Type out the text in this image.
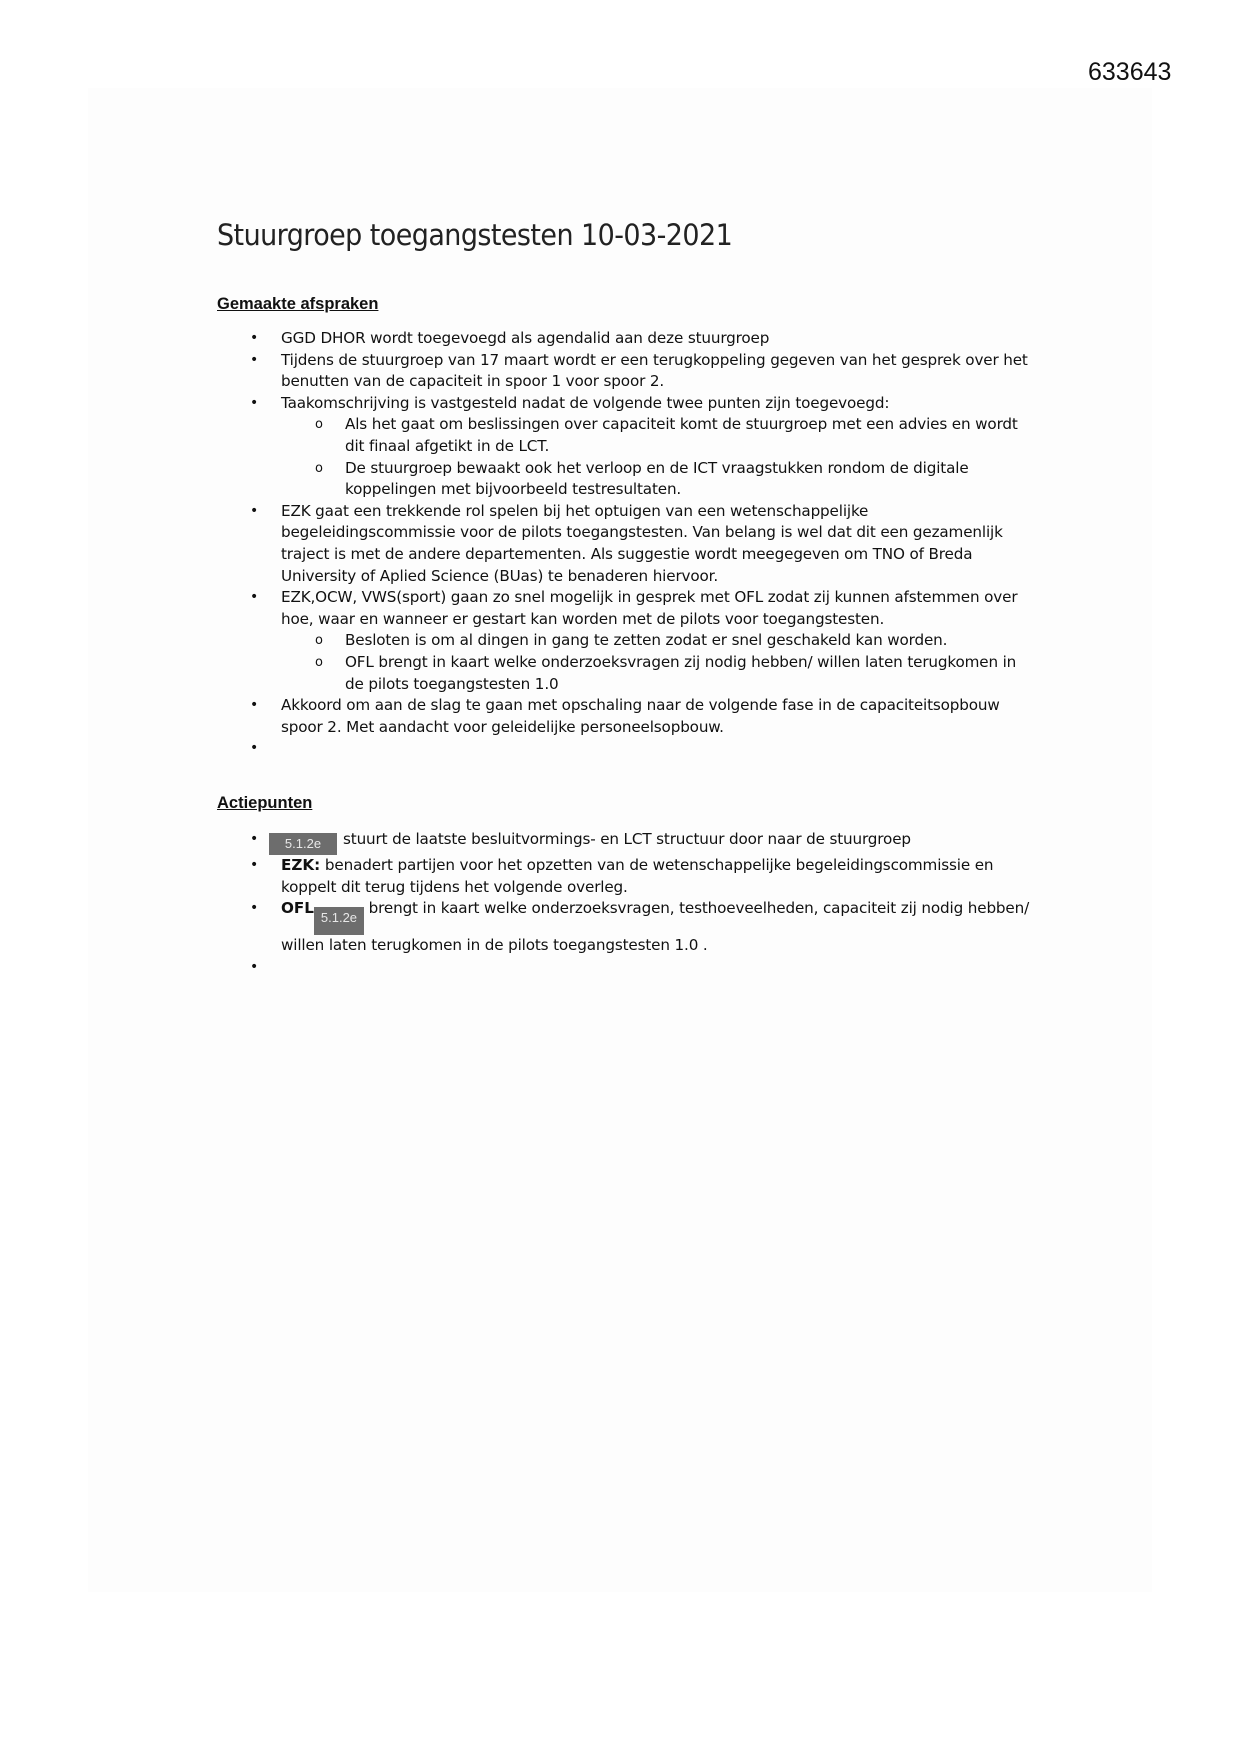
633643
Stuurgroep toegangstesten 10-03-2021
Gemaakte afspraken
• GGD DHOR wordt toegevoegd als agendalid aan deze stuurgroep
• Tijdens de stuurgroep van 17 maart wordt er een terugkoppeling gegeven van het gesprek over het benutten van de capaciteit in spoor 1 voor spoor 2.
• Taakomschrijving is vastgesteld nadat de volgende twee punten zijn toegevoegd:
o Als het gaat om beslissingen over capaciteit komt de stuurgroep met een advies en wordt dit finaal afgetikt in de LCT.
o De stuurgroep bewaakt ook het verloop en de ICT vraagstukken rondom de digitale koppelingen met bijvoorbeeld testresultaten.
• EZK gaat een trekkende rol spelen bij het optuigen van een wetenschappelijke begeleidingscommissie voor de pilots toegangstesten. Van belang is wel dat dit een gezamenlijk traject is met de andere departementen. Als suggestie wordt meegegeven om TNO of Breda University of Aplied Science (BUas) te benaderen hiervoor.
• EZK,OCW, VWS(sport) gaan zo snel mogelijk in gesprek met OFL zodat zij kunnen afstemmen over hoe, waar en wanneer er gestart kan worden met de pilots voor toegangstesten.
o Besloten is om al dingen in gang te zetten zodat er snel geschakeld kan worden.
o OFL brengt in kaart welke onderzoeksvragen zij nodig hebben/ willen laten terugkomen in de pilots toegangstesten 1.0
• Akkoord om aan de slag te gaan met opschaling naar de volgende fase in de capaciteitsopbouw spoor 2. Met aandacht voor geleidelijke personeelsopbouw.
•

Actiepunten
• 5.1.2e stuurt de laatste besluitvormings- en LCT structuur door naar de stuurgroep
• EZK: benadert partijen voor het opzetten van de wetenschappelijke begeleidingscommissie en koppelt dit terug tijdens het volgende overleg.
• OFL5.1.2e brengt in kaart welke onderzoeksvragen, testhoeveelheden, capaciteit zij nodig hebben/ willen laten terugkomen in de pilots toegangstesten 1.0 .
•
